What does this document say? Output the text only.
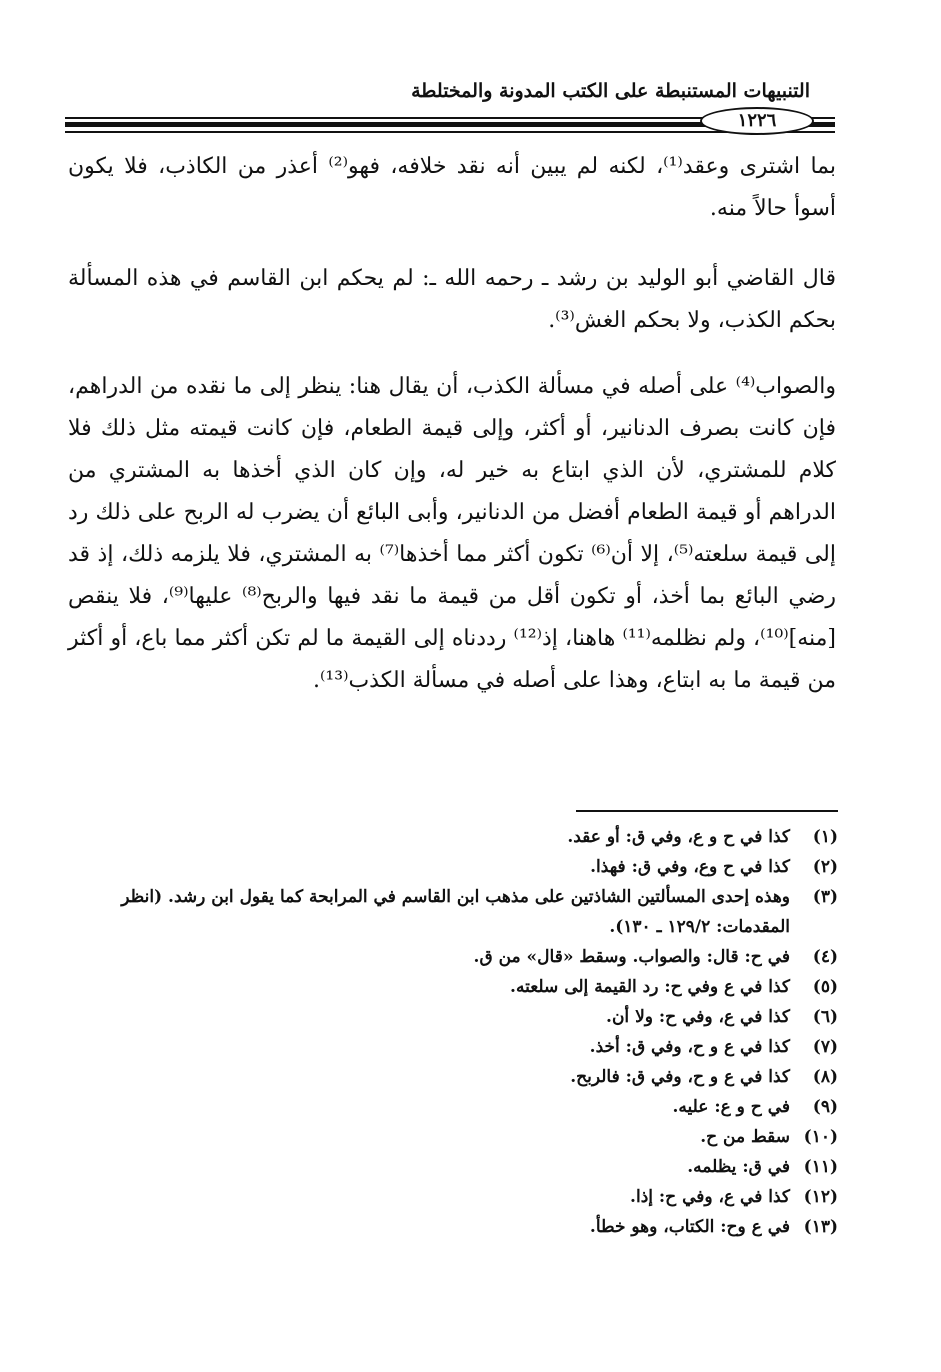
التنبيهات المستنبطة على الكتب المدونة والمختلطة
١٢٢٦

بما اشترى وعقد⁽¹⁾، لكنه لم يبين أنه نقد خلافه، فهو⁽²⁾ أعذر من الكاذب، فلا يكون أسوأ حالاً منه.

قال القاضي أبو الوليد بن رشد ـ رحمه الله ـ: لم يحكم ابن القاسم في هذه المسألة بحكم الكذب، ولا بحكم الغش⁽³⁾.

والصواب⁽⁴⁾ على أصله في مسألة الكذب، أن يقال هنا: ينظر إلى ما نقده من الدراهم، فإن كانت بصرف الدنانير، أو أكثر، وإلى قيمة الطعام، فإن كانت قيمته مثل ذلك فلا كلام للمشتري، لأن الذي ابتاع به خير له، وإن كان الذي أخذها به المشتري من الدراهم أو قيمة الطعام أفضل من الدنانير، وأبى البائع أن يضرب له الربح على ذلك رد إلى قيمة سلعته⁽⁵⁾، إلا أن⁽⁶⁾ تكون أكثر مما أخذها⁽⁷⁾ به المشتري، فلا يلزمه ذلك، إذ قد رضي البائع بما أخذ، أو تكون أقل من قيمة ما نقد فيها والربح⁽⁸⁾ عليها⁽⁹⁾، فلا ينقص [منه]⁽¹⁰⁾، ولم نظلمه⁽¹¹⁾ هاهنا، إذ⁽¹²⁾ رددناه إلى القيمة ما لم تكن أكثر مما باع، أو أكثر من قيمة ما به ابتاع، وهذا على أصله في مسألة الكذب⁽¹³⁾.

(١)
كذا في ح و ع، وفي ق: أو عقد.
(٢)
كذا في ح وع، وفي ق: فهذا.
(٣)
وهذه إحدى المسألتين الشاذتين على مذهب ابن القاسم في المرابحة كما يقول ابن رشد. (انظر المقدمات: ١٢٩/٢ ـ ١٣٠).
(٤)
في ح: قال: والصواب. وسقط «قال» من ق.
(٥)
كذا في ع وفي ح: رد القيمة إلى سلعته.
(٦)
كذا في ع، وفي ح: ولا أن.
(٧)
كذا في ع و ح، وفي ق: أخذ.
(٨)
كذا في ع و ح، وفي ق: فالربح.
(٩)
في ح و ع: عليه.
(١٠)
سقط من ح.
(١١)
في ق: يظلمه.
(١٢)
كذا في ع، وفي ح: إذا.
(١٣)
في ع وح: الكتاب، وهو خطأ.
